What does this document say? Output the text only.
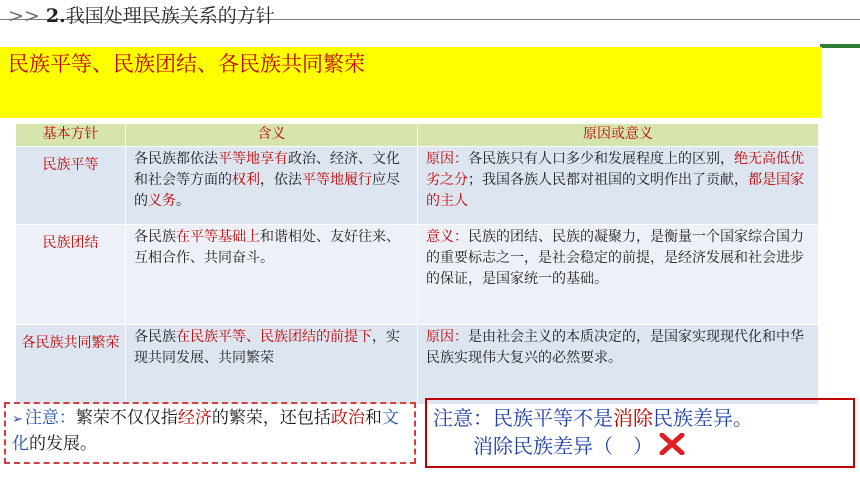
>> 2.我国处理民族关系的方针
民族平等、民族团结、各民族共同繁荣
基本方针	含义	原因或意义
民族平等	各民族都依法平等地享有政治、经济、文化和社会等方面的权利，依法平等地履行应尽的义务。	原因：各民族只有人口多少和发展程度上的区别，绝无高低优劣之分；我国各族人民都对祖国的文明作出了贡献，都是国家的主人
民族团结	各民族在平等基础上和谐相处、友好往来、互相合作、共同奋斗。	意义：民族的团结、民族的凝聚力，是衡量一个国家综合国力的重要标志之一，是社会稳定的前提，是经济发展和社会进步的保证，是国家统一的基础。
各民族共同繁荣	各民族在民族平等、民族团结的前提下，实现共同发展、共同繁荣	原因：是由社会主义的本质决定的，是国家实现现代化和中华民族实现伟大复兴的必然要求。
➢ 注意：繁荣不仅仅指经济的繁荣，还包括政治和文化的发展。
注意：民族平等不是消除民族差异。
消除民族差异（　）
